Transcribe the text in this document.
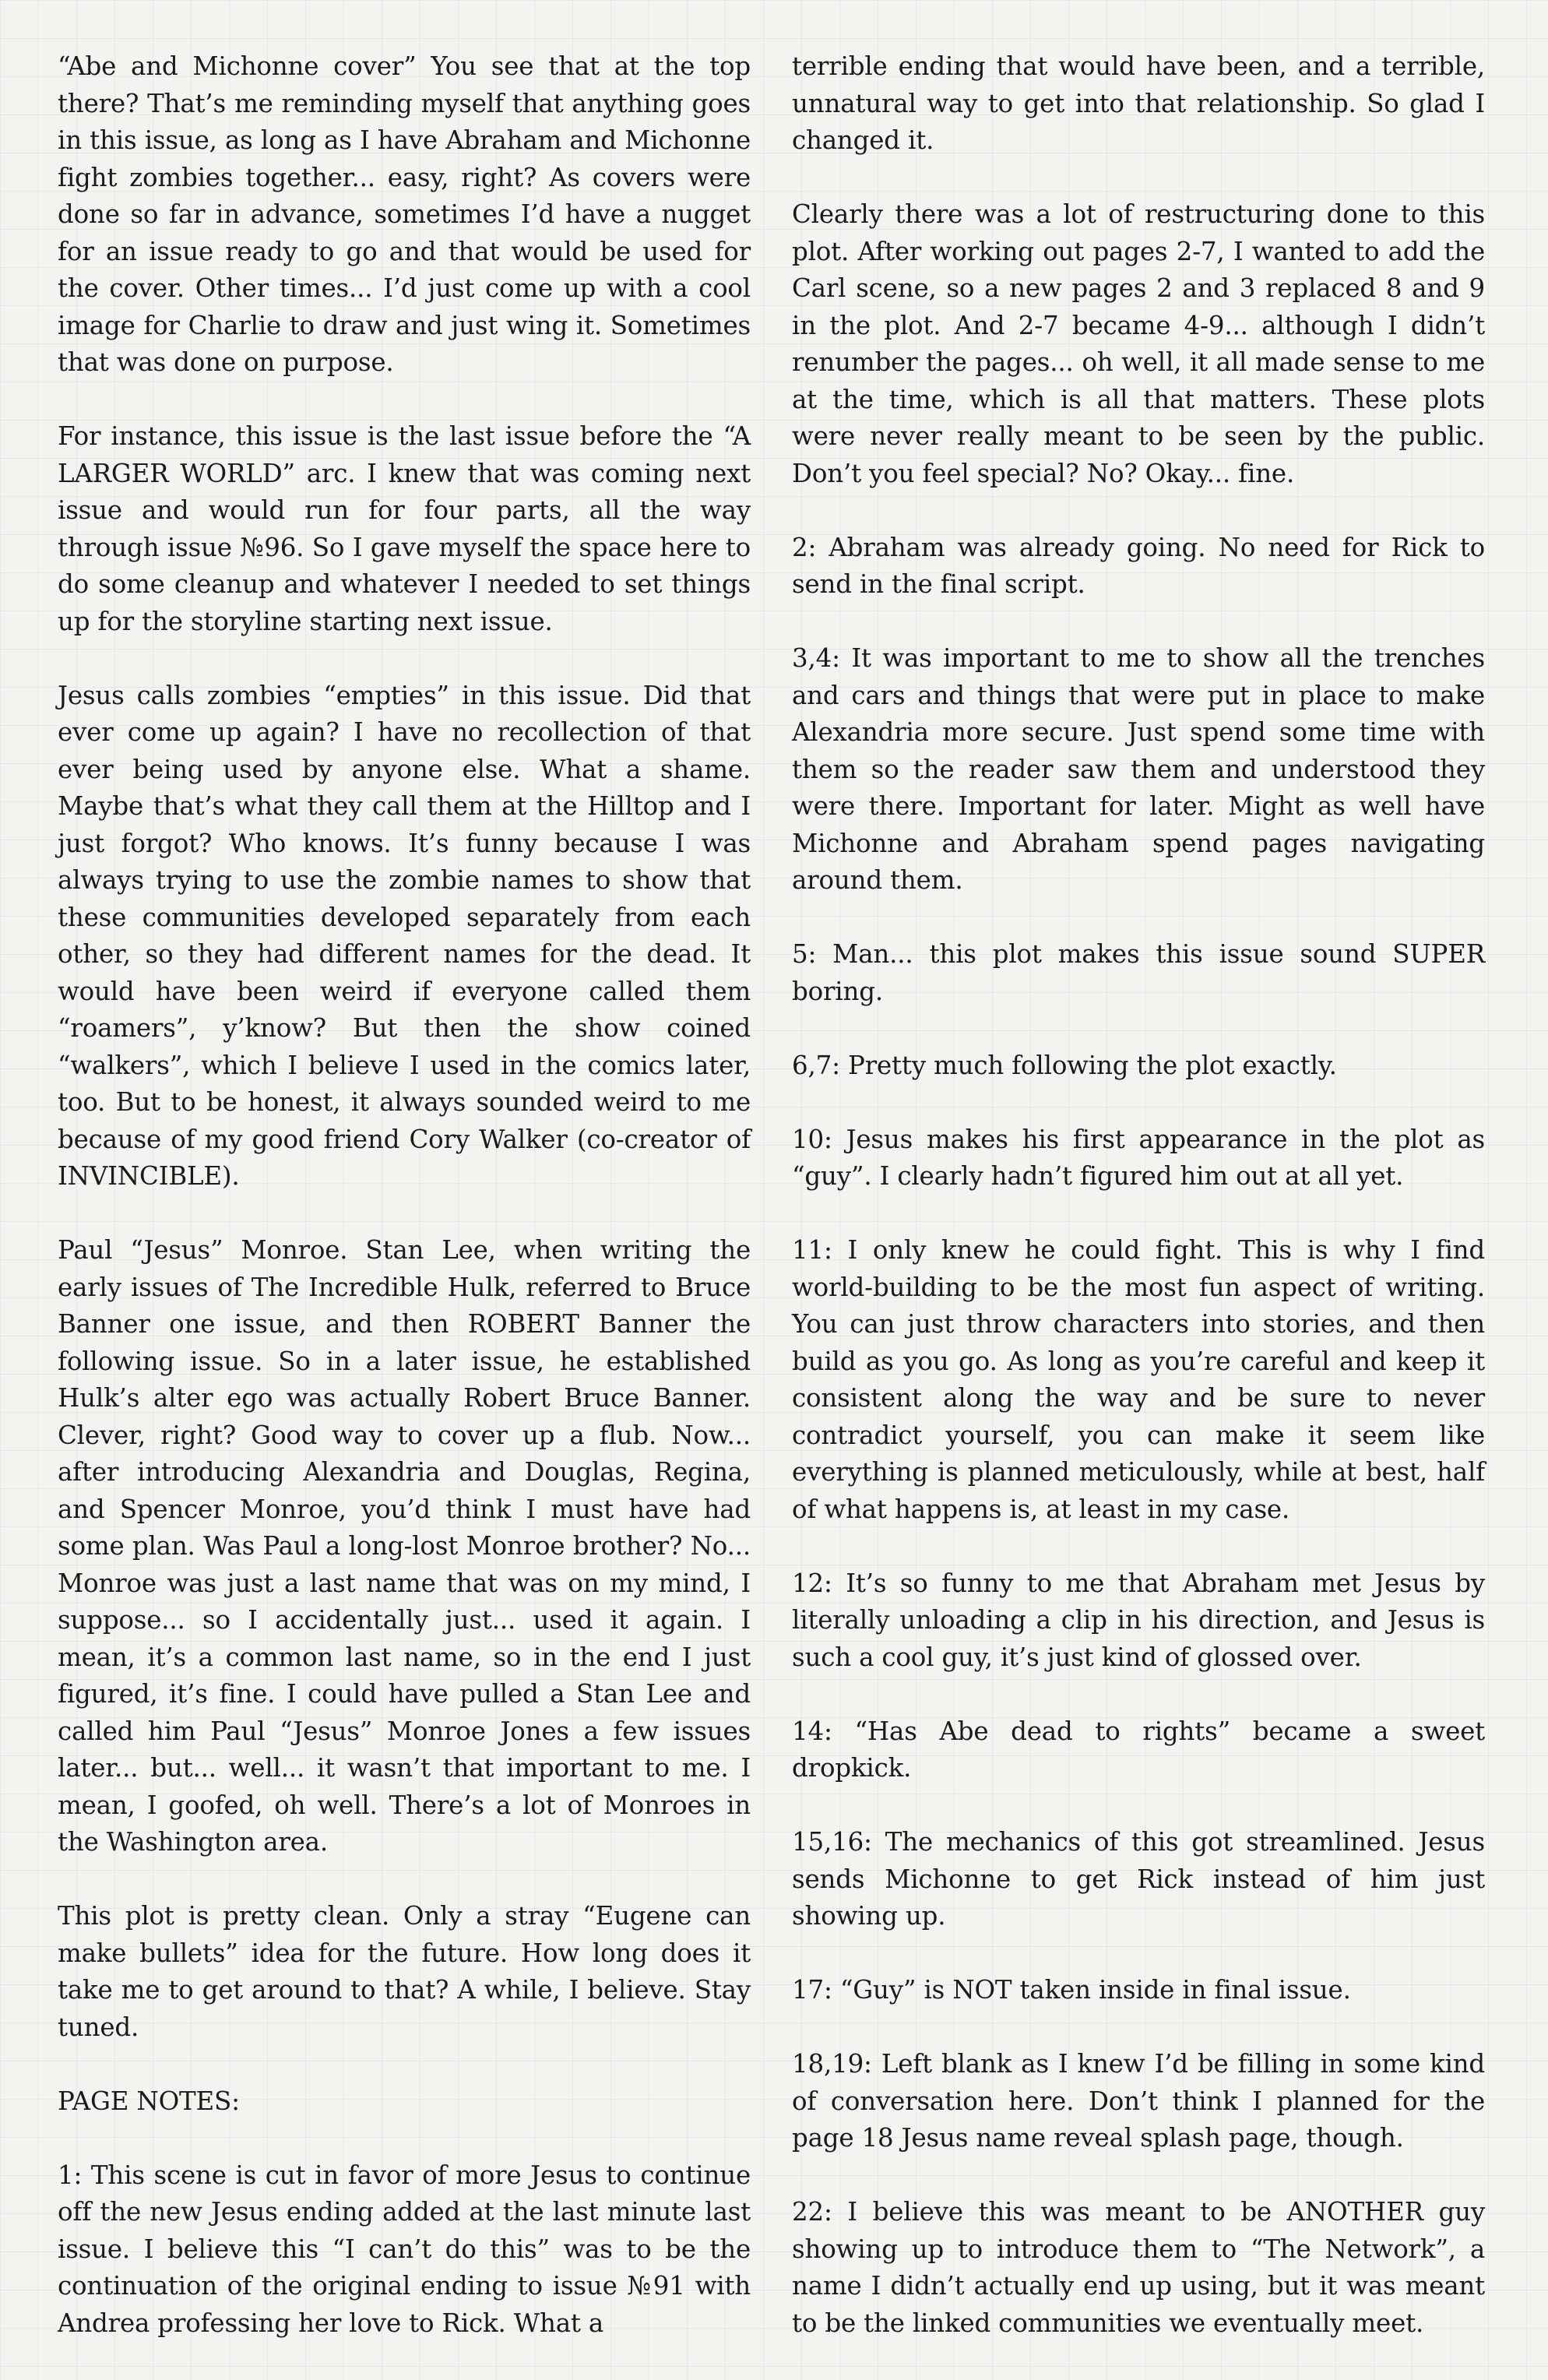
“Abe and Michonne cover” You see that at the top there? That’s me reminding myself that anything goes in this issue, as long as I have Abraham and Michonne fight zombies together... easy, right? As covers were done so far in advance, sometimes I’d have a nugget for an issue ready to go and that would be used for the cover. Other times... I’d just come up with a cool image for Charlie to draw and just wing it. Sometimes that was done on purpose.

For instance, this issue is the last issue before the “A LARGER WORLD” arc. I knew that was coming next issue and would run for four parts, all the way through issue №96. So I gave myself the space here to do some cleanup and whatever I needed to set things up for the storyline starting next issue.

Jesus calls zombies “empties” in this issue. Did that ever come up again? I have no recollection of that ever being used by anyone else. What a shame. Maybe that’s what they call them at the Hilltop and I just forgot? Who knows. It’s funny because I was always trying to use the zombie names to show that these communities developed separately from each other, so they had different names for the dead. It would have been weird if everyone called them “roamers”, y’know? But then the show coined “walkers”, which I believe I used in the comics later, too. But to be honest, it always sounded weird to me because of my good friend Cory Walker (co-creator of INVINCIBLE).

Paul “Jesus” Monroe. Stan Lee, when writing the early issues of The Incredible Hulk, referred to Bruce Banner one issue, and then ROBERT Banner the following issue. So in a later issue, he established Hulk’s alter ego was actually Robert Bruce Banner. Clever, right? Good way to cover up a flub. Now... after introducing Alexandria and Douglas, Regina, and Spencer Monroe, you’d think I must have had some plan. Was Paul a long-lost Monroe brother? No... Monroe was just a last name that was on my mind, I suppose... so I accidentally just... used it again. I mean, it’s a common last name, so in the end I just figured, it’s fine. I could have pulled a Stan Lee and called him Paul “Jesus” Monroe Jones a few issues later... but... well... it wasn’t that important to me. I mean, I goofed, oh well. There’s a lot of Monroes in the Washington area.

This plot is pretty clean. Only a stray “Eugene can make bullets” idea for the future. How long does it take me to get around to that? A while, I believe. Stay tuned.

PAGE NOTES:

1: This scene is cut in favor of more Jesus to continue off the new Jesus ending added at the last minute last issue. I believe this “I can’t do this” was to be the continuation of the original ending to issue №91 with Andrea professing her love to Rick. What a

terrible ending that would have been, and a terrible, unnatural way to get into that relationship. So glad I changed it.

Clearly there was a lot of restructuring done to this plot. After working out pages 2-7, I wanted to add the Carl scene, so a new pages 2 and 3 replaced 8 and 9 in the plot. And 2-7 became 4-9... although I didn’t renumber the pages... oh well, it all made sense to me at the time, which is all that matters. These plots were never really meant to be seen by the public. Don’t you feel special? No? Okay... fine.

2: Abraham was already going. No need for Rick to send in the final script.

3,4: It was important to me to show all the trenches and cars and things that were put in place to make Alexandria more secure. Just spend some time with them so the reader saw them and understood they were there. Important for later. Might as well have Michonne and Abraham spend pages navigating around them.

5: Man... this plot makes this issue sound SUPER boring.

6,7: Pretty much following the plot exactly.

10: Jesus makes his first appearance in the plot as “guy”. I clearly hadn’t figured him out at all yet.

11: I only knew he could fight. This is why I find world-building to be the most fun aspect of writing. You can just throw characters into stories, and then build as you go. As long as you’re careful and keep it consistent along the way and be sure to never contradict yourself, you can make it seem like everything is planned meticulously, while at best, half of what happens is, at least in my case.

12: It’s so funny to me that Abraham met Jesus by literally unloading a clip in his direction, and Jesus is such a cool guy, it’s just kind of glossed over.

14: “Has Abe dead to rights” became a sweet dropkick.

15,16: The mechanics of this got streamlined. Jesus sends Michonne to get Rick instead of him just showing up.

17: “Guy” is NOT taken inside in final issue.

18,19: Left blank as I knew I’d be filling in some kind of conversation here. Don’t think I planned for the page 18 Jesus name reveal splash page, though.

22: I believe this was meant to be ANOTHER guy showing up to introduce them to “The Network”, a name I didn’t actually end up using, but it was meant to be the linked communities we eventually meet.
